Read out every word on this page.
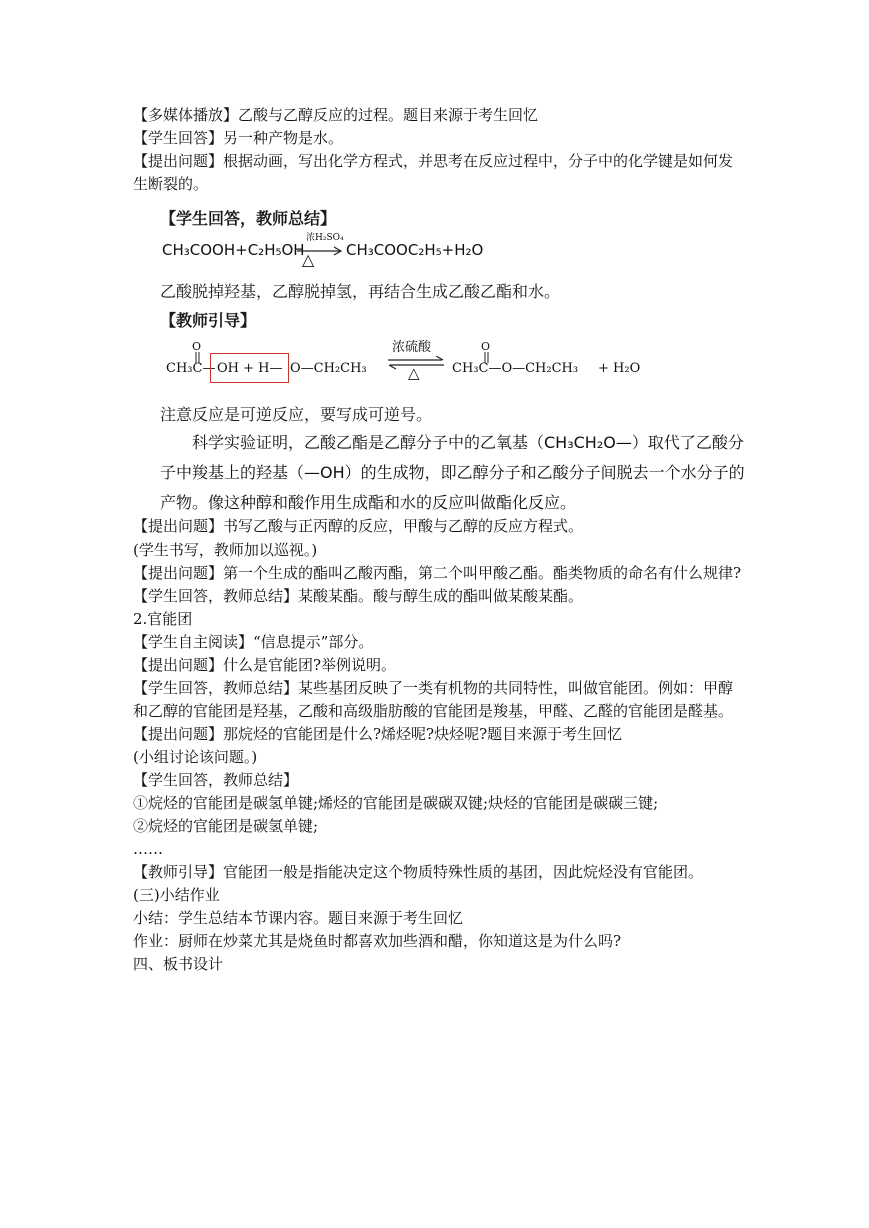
【多媒体播放】乙酸与乙醇反应的过程。题目来源于考生回忆
【学生回答】另一种产物是水。
【提出问题】根据动画，写出化学方程式，并思考在反应过程中，分子中的化学键是如何发
生断裂的。
【学生回答，教师总结】
CH₃COOH+C₂H₅OH
浓H₂SO₄
△ CH₃COOC₂H₅+H₂O
乙酸脱掉羟基，乙醇脱掉氢，再结合生成乙酸乙酯和水。
【教师引导】
O
CH₃C— OH + H— O—CH₂CH₃
浓硫酸
△
O
CH₃C—O—CH₂CH₃ + H₂O
注意反应是可逆反应，要写成可逆号。
科学实验证明，乙酸乙酯是乙醇分子中的乙氧基（CH₃CH₂O—）取代了乙酸分子中羧基上的羟基（—OH）的生成物，即乙醇分子和乙酸分子间脱去一个水分子的产物。像这种醇和酸作用生成酯和水的反应叫做酯化反应。
【提出问题】书写乙酸与正丙醇的反应，甲酸与乙醇的反应方程式。
(学生书写，教师加以巡视。)
【提出问题】第一个生成的酯叫乙酸丙酯，第二个叫甲酸乙酯。酯类物质的命名有什么规律?
【学生回答，教师总结】某酸某酯。酸与醇生成的酯叫做某酸某酯。
2.官能团
【学生自主阅读】“信息提示”部分。
【提出问题】什么是官能团?举例说明。
【学生回答，教师总结】某些基团反映了一类有机物的共同特性，叫做官能团。例如：甲醇
和乙醇的官能团是羟基，乙酸和高级脂肪酸的官能团是羧基，甲醛、乙醛的官能团是醛基。
【提出问题】那烷烃的官能团是什么?烯烃呢?炔烃呢?题目来源于考生回忆
(小组讨论该问题。)
【学生回答，教师总结】
①烷烃的官能团是碳氢单键;烯烃的官能团是碳碳双键;炔烃的官能团是碳碳三键;
②烷烃的官能团是碳氢单键;
……
【教师引导】官能团一般是指能决定这个物质特殊性质的基团，因此烷烃没有官能团。
(三)小结作业
小结：学生总结本节课内容。题目来源于考生回忆
作业：厨师在炒菜尤其是烧鱼时都喜欢加些酒和醋，你知道这是为什么吗?
四、板书设计
